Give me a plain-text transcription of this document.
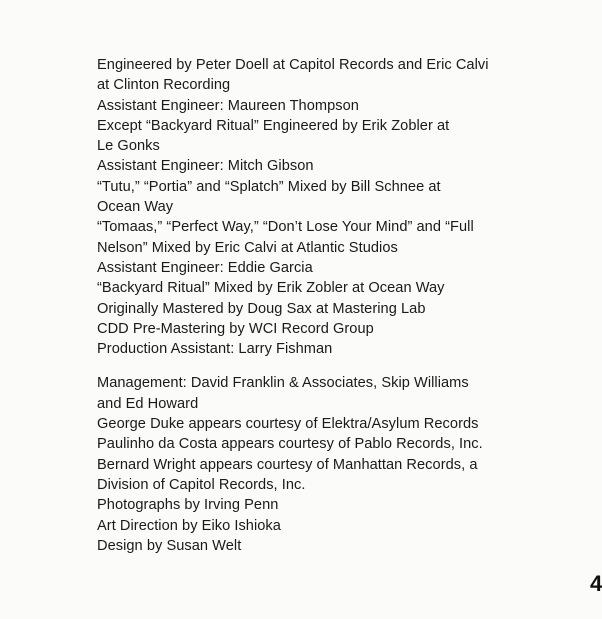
Engineered by Peter Doell at Capitol Records and Eric Calvi
at Clinton Recording
Assistant Engineer: Maureen Thompson
Except “Backyard Ritual” Engineered by Erik Zobler at
Le Gonks
Assistant Engineer: Mitch Gibson
“Tutu,” “Portia” and “Splatch” Mixed by Bill Schnee at
Ocean Way
“Tomaas,” “Perfect Way,” “Don’t Lose Your Mind” and “Full
Nelson” Mixed by Eric Calvi at Atlantic Studios
Assistant Engineer: Eddie Garcia
“Backyard Ritual” Mixed by Erik Zobler at Ocean Way
Originally Mastered by Doug Sax at Mastering Lab
CDD Pre-Mastering by WCI Record Group
Production Assistant: Larry Fishman
Management: David Franklin & Associates, Skip Williams
and Ed Howard
George Duke appears courtesy of Elektra/Asylum Records
Paulinho da Costa appears courtesy of Pablo Records, Inc.
Bernard Wright appears courtesy of Manhattan Records, a
Division of Capitol Records, Inc.
Photographs by Irving Penn
Art Direction by Eiko Ishioka
Design by Susan Welt
4
